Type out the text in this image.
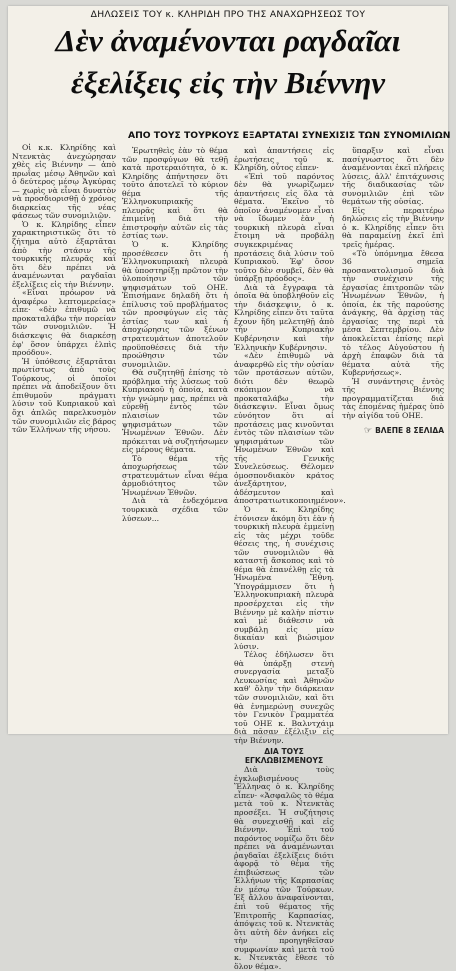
ΔΗΛΩΣΕΙΣ ΤΟΥ κ. ΚΛΗΡΙΔΗ ΠΡΟ ΤΗΣ ΑΝΑΧΩΡΗΣΕΩΣ ΤΟΥ
Δὲν ἀναμένονται ραγδαῖαι
ἐξελίξεις εἰς τὴν Βιέννην
ΑΠΟ ΤΟΥΣ ΤΟΥΡΚΟΥΣ ΕΞΑΡΤΑΤΑΙ ΣΥΝΕΧΙΣΙΣ ΤΩΝ ΣΥΝΟΜΙΛΙΩΝ

Οἱ κ.κ. Κληρίδης καὶ Ντενκτὰς ἀνεχώρησαν χθὲς εἰς Βιέννην — ἀπὸ πρωΐας μέσῳ Ἀθηνῶν καὶ ὁ δεύτερος μέσῳ Ἀγκύρας — χωρὶς νὰ εἶναι δυνατὸν νὰ προσδιορισθῇ ὁ χρόνος διαρκείας τῆς νέας φάσεως τῶν συνομιλιῶν.

Ὁ κ. Κληρίδης εἶπεν χαρακτηριστικῶς ὅτι τὸ ζήτημα αὐτὸ ἐξαρτᾶται ἀπὸ τὴν στάσιν τῆς τουρκικῆς πλευρᾶς καὶ ὅτι δὲν πρέπει νὰ ἀναμένωνται ραγδαῖαι ἐξελίξεις εἰς τὴν Βιέννην.

«Εἶναι πρόωρον νὰ ἀναφέρω λεπτομερείας» εἶπε· «δὲν ἐπιθυμῶ νὰ προκαταλάβω τὴν πορείαν τῶν συνομιλιῶν. Ἡ διάσκεψις θὰ διαρκέσῃ ἐφ' ὅσον ὑπάρχει ἐλπὶς προόδου».

Ἡ ὑπόθεσις ἐξαρτᾶται πρωτίστως ἀπὸ τοὺς Τούρκους, οἱ ὁποῖοι πρέπει νὰ ἀποδείξουν ὅτι ἐπιθυμοῦν πράγματι λύσιν τοῦ Κυπριακοῦ καὶ ὄχι ἁπλῶς παρελκυσμὸν τῶν συνομιλιῶν εἰς βάρος τῶν Ἑλλήνων τῆς νήσου.

Ἐρωτηθεὶς ἐὰν τὸ θέμα τῶν προσφύγων θὰ τεθῇ κατὰ προτεραιότητα, ὁ κ. Κληρίδης ἀπήντησεν ὅτι τοῦτο ἀποτελεῖ τὸ κύριον θέμα τῆς Ἑλληνοκυπριακῆς πλευρᾶς καὶ ὅτι θὰ ἐπιμείνῃ διὰ τὴν ἐπιστροφὴν αὐτῶν εἰς τὰς ἑστίας των.

Ὁ κ. Κληρίδης προσέθεσεν ὅτι ἡ Ἑλληνοκυπριακὴ πλευρὰ θὰ ὑποστηρίξῃ πρῶτον τὴν ὑλοποίησιν τῶν ψηφισμάτων τοῦ ΟΗΕ. Ἐπισήμανε δηλαδὴ ὅτι ἡ ἐπίλυσις τοῦ προβλήματος τῶν προσφύγων εἰς τὰς ἑστίας των καὶ ἡ ἀποχώρησις τῶν ξένων στρατευμάτων ἀποτελοῦν προϋποθέσεις διὰ τὴν προώθησιν τῶν συνομιλιῶν.

Θὰ συζητηθῇ ἐπίσης τὸ πρόβλημα τῆς λύσεως τοῦ Κυπριακοῦ ἡ ὁποία, κατὰ τὴν γνώμην μας, πρέπει νὰ εὑρεθῇ ἐντὸς τῶν πλαισίων τῶν ψηφισμάτων τῶν Ἡνωμένων Ἐθνῶν. Δὲν πρόκειται νὰ συζητήσωμεν εἰς μέρους θέματα.

Τὸ θέμα τῆς ἀποχωρήσεως τῶν στρατευμάτων εἶναι θέμα ἀρμοδιότητος τῶν Ἡνωμένων Ἐθνῶν.

Διὰ τὰ ἐνδεχόμενα τουρκικὰ σχέδια τῶν λύσεων...

καὶ ἀπαντήσεις εἰς ἐρωτήσεις τοῦ κ. Κληρίδη, οὗτος εἶπεν·

«Ἐπὶ τοῦ παρόντος δὲν θὰ γνωρίζωμεν ἀπαντήσεις εἰς ὅλα τὰ θέματα. Ἐκεῖνο τὸ ὁποῖον ἀναμένομεν εἶναι νὰ ἴδωμεν ἐὰν ἡ τουρκικὴ πλευρὰ εἶναι ἕτοιμη νὰ προβάλῃ συγκεκριμένας προτάσεις διὰ λύσιν τοῦ Κυπριακοῦ. Ἐφ' ὅσον τοῦτο δὲν συμβεῖ, δὲν θὰ ὑπάρξῃ πρόοδος».

Διὰ τὰ ἔγγραφα τὰ ὁποῖα θὰ ὑποβληθοῦν εἰς τὴν διάσκεψιν, ὁ κ. Κληρίδης εἶπεν ὅτι ταῦτα ἔχουν ἤδη μελετηθῇ ἀπὸ τὴν Κυπριακὴν Κυβέρνησιν καὶ τὴν Ἑλληνικὴν Κυβέρνησιν.

«Δὲν ἐπιθυμῶ νὰ ἀναφερθῶ εἰς τὴν οὐσίαν τῶν προτάσεων αὐτῶν, διότι δὲν θεωρῶ σκόπιμον νὰ προκαταλάβω τὴν διάσκεψιν. Εἶναι ὅμως εὐνόητον ὅτι αἱ προτάσεις μας κινοῦνται ἐντὸς τῶν πλαισίων τῶν ψηφισμάτων τῶν Ἡνωμένων Ἐθνῶν καὶ τῆς Γενικῆς Συνελεύσεως. Θέλομεν ὁμοσπονδιακὸν κράτος ἀνεξάρτητον, ἀδέσμευτον καὶ ἀποστρατιωτικοποιημένον».

Ὁ κ. Κληρίδης ἐτόνισεν ἀκόμη ὅτι ἐὰν ἡ τουρκικὴ πλευρὰ ἐμμείνῃ εἰς τὰς μέχρι τοῦδε θέσεις της, ἡ συνέχισις τῶν συνομιλιῶν θὰ καταστῇ ἄσκοπος καὶ τὸ θέμα θὰ ἐπανέλθῃ εἰς τὰ Ἡνωμένα Ἔθνη. Ὑπογράμμισεν ὅτι ἡ Ἑλληνοκυπριακὴ πλευρὰ προσέρχεται εἰς τὴν Βιέννην μὲ καλὴν πίστιν καὶ μὲ διάθεσιν νὰ συμβάλῃ εἰς μίαν δικαίαν καὶ βιώσιμον λύσιν.

Τέλος ἐδήλωσεν ὅτι θὰ ὑπάρξῃ στενὴ συνεργασία μεταξὺ Λευκωσίας καὶ Ἀθηνῶν καθ' ὅλην τὴν διάρκειαν τῶν συνομιλιῶν, καὶ ὅτι θὰ ἐνημερώνῃ συνεχῶς τὸν Γενικὸν Γραμματέα τοῦ ΟΗΕ κ. Βαλντχάιμ διὰ πᾶσαν ἐξέλιξιν εἰς τὴν Βιέννην.

ΔΙΑ ΤΟΥΣ ΕΓΚΛΩΒΙΣΜΕΝΟΥΣ

Διὰ τοὺς ἐγκλωβισμένους Ἕλληνας ὁ κ. Κληρίδης εἶπεν· «Ἀσφαλῶς τὸ θέμα μετὰ τοῦ κ. Ντενκτὰς προσέξει. Ἡ συζήτησις θὰ συνεχισθῇ καὶ εἰς Βιέννην. Ἐπὶ τοῦ παρόντος νομίζω ὅτι δὲν πρέπει νὰ ἀναμένωνται ῥαγδαῖαι ἐξελίξεις διότι ἀφορᾷ τὸ θέμα τῆς ἐπιβιώσεως τῶν Ἑλλήνων τῆς Καρπασίας ἐν μέσῳ τῶν Τούρκων. Ἐξ ἄλλου ἀναφαίνονται, ἐπὶ τοῦ θέματος τῆς Ἐπιτροπῆς Καρπασίας, ἀπόψεις τοῦ κ. Ντενκτὰς ὅτι αὐτὴ δὲν ἀνήκει εἰς τὴν προηγηθεῖσαν συμφωνίαν καὶ μετὰ τοῦ κ. Ντενκτὰς ἔθεσε τὸ ὅλον θέμα».

ὕπαρξιν καὶ εἶναι πασίγνωστος ὅτι δὲν ἀναμένονται ἐκεῖ πλήρεις λύσεις, ἀλλ' ἐπιτάχυνσις τῆς διαδικασίας τῶν συνομιλιῶν ἐπὶ τῶν θεμάτων τῆς οὐσίας.

Εἰς περαιτέρω δηλώσεις εἰς τὴν Βιέννην ὁ κ. Κληρίδης εἶπεν ὅτι θὰ παραμείνῃ ἐκεῖ ἐπὶ τρεῖς ἡμέρας.

«Τὸ ὑπόμνημα ἔθεσα 36 σημεῖα προσανατολισμοῦ διὰ τὴν συνέχισιν τῆς ἐργασίας ἐπιτροπῶν τῶν Ἡνωμένων Ἐθνῶν, ἡ ὁποία, ἐκ τῆς παρούσης ἀνάγκης, θὰ ἀρχίσῃ τὰς ἐργασίας της περὶ τὰ μέσα Σεπτεμβρίου. Δὲν ἀποκλείεται ἐπίσης περὶ τὸ τέλος Αὐγούστου ἡ ἀρχὴ ἐπαφῶν διὰ τὰ θέματα αὐτὰ τῆς Κυβερνήσεως».

Ἡ συνάντησις ἐντὸς τῆς Βιέννης προγραμματίζεται διὰ τὰς ἑπομένας ἡμέρας ὑπὸ τὴν αἰγίδα τοῦ ΟΗΕ.

☞ ΒΛΕΠΕ 8 ΣΕΛΙΔΑ
